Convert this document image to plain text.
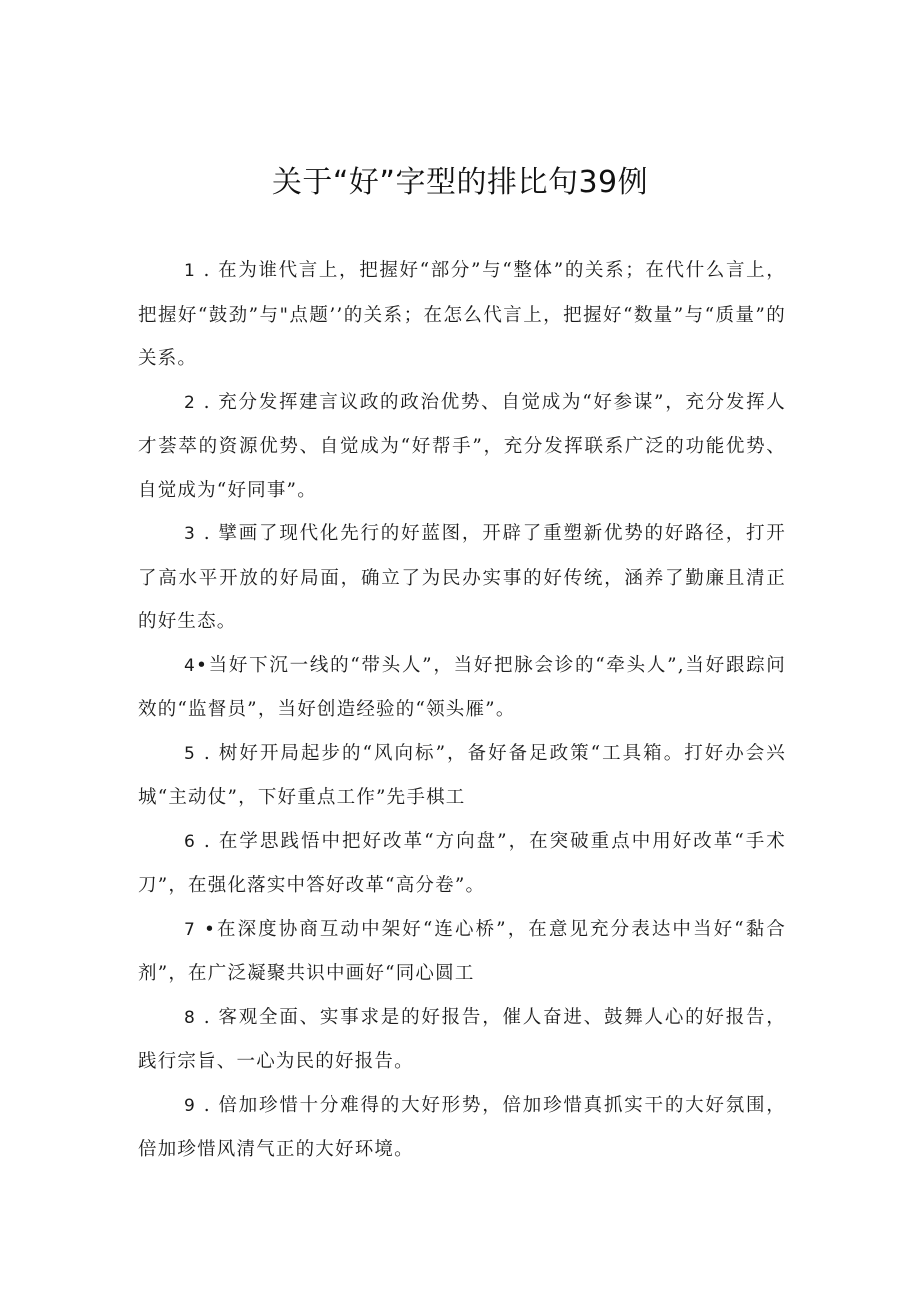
关于“好”字型的排比句39例

1 . 在为谁代言上，把握好“部分”与“整体”的关系；在代什么言上，把握好“鼓劲”与"点题’’的关系；在怎么代言上，把握好“数量”与“质量”的关系。

2 . 充分发挥建言议政的政治优势、自觉成为“好参谋”，充分发挥人才荟萃的资源优势、自觉成为“好帮手”，充分发挥联系广泛的功能优势、自觉成为“好同事”。

3 . 擘画了现代化先行的好蓝图，开辟了重塑新优势的好路径，打开了高水平开放的好局面，确立了为民办实事的好传统，涵养了勤廉且清正的好生态。

4•当好下沉一线的“带头人”，当好把脉会诊的“牵头人”,当好跟踪问效的“监督员”，当好创造经验的“领头雁”。

5 . 树好开局起步的“风向标”，备好备足政策“工具箱。打好办会兴城“主动仗”，下好重点工作”先手棋工

6 . 在学思践悟中把好改革“方向盘”，在突破重点中用好改革“手术刀”，在强化落实中答好改革“高分卷”。

7 •在深度协商互动中架好“连心桥”，在意见充分表达中当好“黏合剂”，在广泛凝聚共识中画好“同心圆工

8 . 客观全面、实事求是的好报告，催人奋进、鼓舞人心的好报告，践行宗旨、一心为民的好报告。

9 . 倍加珍惜十分难得的大好形势，倍加珍惜真抓实干的大好氛围，倍加珍惜风清气正的大好环境。
